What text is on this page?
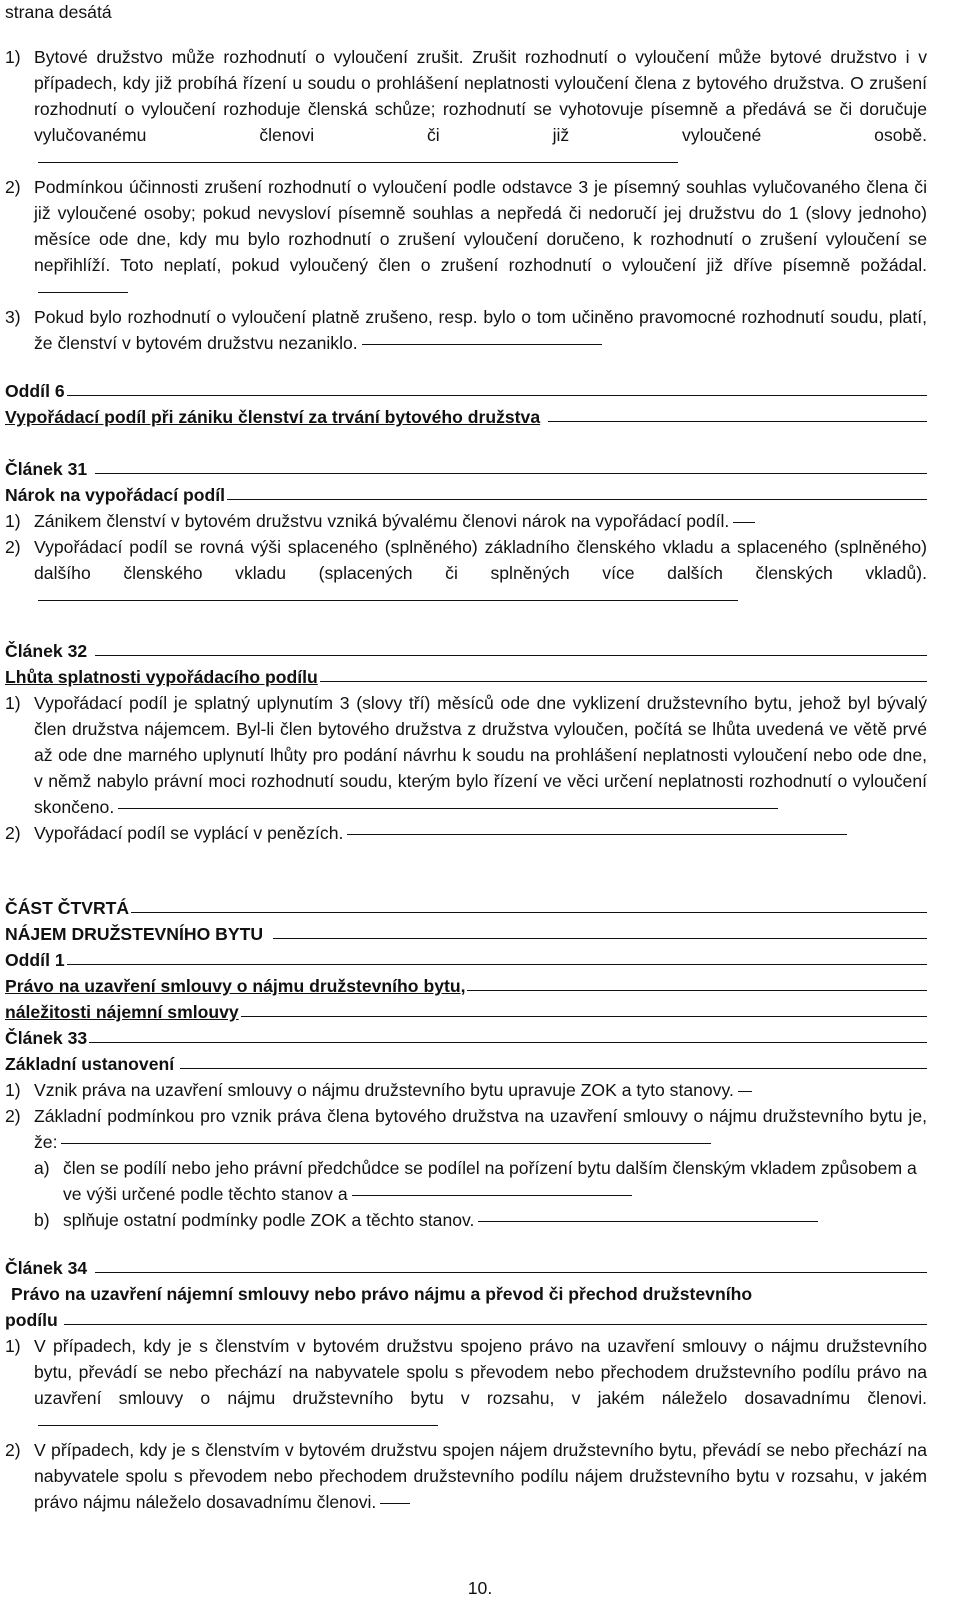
strana desátá
1) Bytové družstvo může rozhodnutí o vyloučení zrušit. Zrušit rozhodnutí o vyloučení může bytové družstvo i v případech, kdy již probíhá řízení u soudu o prohlášení neplatnosti vyloučení člena z bytového družstva. O zrušení rozhodnutí o vyloučení rozhoduje členská schůze; rozhodnutí se vyhotovuje písemně a předává se či doručuje vylučovanému členovi či již vyloučené osobě.
2) Podmínkou účinnosti zrušení rozhodnutí o vyloučení podle odstavce 3 je písemný souhlas vylučovaného člena či již vyloučené osoby; pokud nevysloví písemně souhlas a nepředá či nedoručí jej družstvu do 1 (slovy jednoho) měsíce ode dne, kdy mu bylo rozhodnutí o zrušení vyloučení doručeno, k rozhodnutí o zrušení vyloučení se nepřihlíží. Toto neplatí, pokud vyloučený člen o zrušení rozhodnutí o vyloučení již dříve písemně požádal.
3) Pokud bylo rozhodnutí o vyloučení platně zrušeno, resp. bylo o tom učiněno pravomocné rozhodnutí soudu, platí, že členství v bytovém družstvu nezaniklo.
Oddíl 6
Vypořádací podíl při zániku členství za trvání bytového družstva
Článek 31
Nárok na vypořádací podíl
1) Zánikem členství v bytovém družstvu vzniká bývalému členovi nárok na vypořádací podíl.
2) Vypořádací podíl se rovná výši splaceného (splněného) základního členského vkladu a splaceného (splněného) dalšího členského vkladu (splacených či splněných více dalších členských vkladů).
Článek 32
Lhůta splatnosti vypořádacího podílu
1) Vypořádací podíl je splatný uplynutím 3 (slovy tří) měsíců ode dne vyklizení družstevního bytu, jehož byl bývalý člen družstva nájemcem. Byl-li člen bytového družstva z družstva vyloučen, počítá se lhůta uvedená ve větě prvé až ode dne marného uplynutí lhůty pro podání návrhu k soudu na prohlášení neplatnosti vyloučení nebo ode dne, v němž nabylo právní moci rozhodnutí soudu, kterým bylo řízení ve věci určení neplatnosti rozhodnutí o vyloučení skončeno.
2) Vypořádací podíl se vyplácí v penězích.
ČÁST ČTVRTÁ
NÁJEM DRUŽSTEVNÍHO BYTU
Oddíl 1
Právo na uzavření smlouvy o nájmu družstevního bytu,
náležitosti nájemní smlouvy
Článek 33
Základní ustanovení
1) Vznik práva na uzavření smlouvy o nájmu družstevního bytu upravuje ZOK a tyto stanovy.
2) Základní podmínkou pro vznik práva člena bytového družstva na uzavření smlouvy o nájmu družstevního bytu je, že:
a) člen se podílí nebo jeho právní předchůdce se podílel na pořízení bytu dalším členským vkladem způsobem a ve výši určené podle těchto stanov a
b) splňuje ostatní podmínky podle ZOK a těchto stanov.
Článek 34
Právo na uzavření nájemní smlouvy nebo právo nájmu a převod či přechod družstevního
podílu
1) V případech, kdy je s členstvím v bytovém družstvu spojeno právo na uzavření smlouvy o nájmu družstevního bytu, převádí se nebo přechází na nabyvatele spolu s převodem nebo přechodem družstevního podílu právo na uzavření smlouvy o nájmu družstevního bytu v rozsahu, v jakém náleželo dosavadnímu členovi.
2) V případech, kdy je s členstvím v bytovém družstvu spojen nájem družstevního bytu, převádí se nebo přechází na nabyvatele spolu s převodem nebo přechodem družstevního podílu nájem družstevního bytu v rozsahu, v jakém právo nájmu náleželo dosavadnímu členovi.
10.
